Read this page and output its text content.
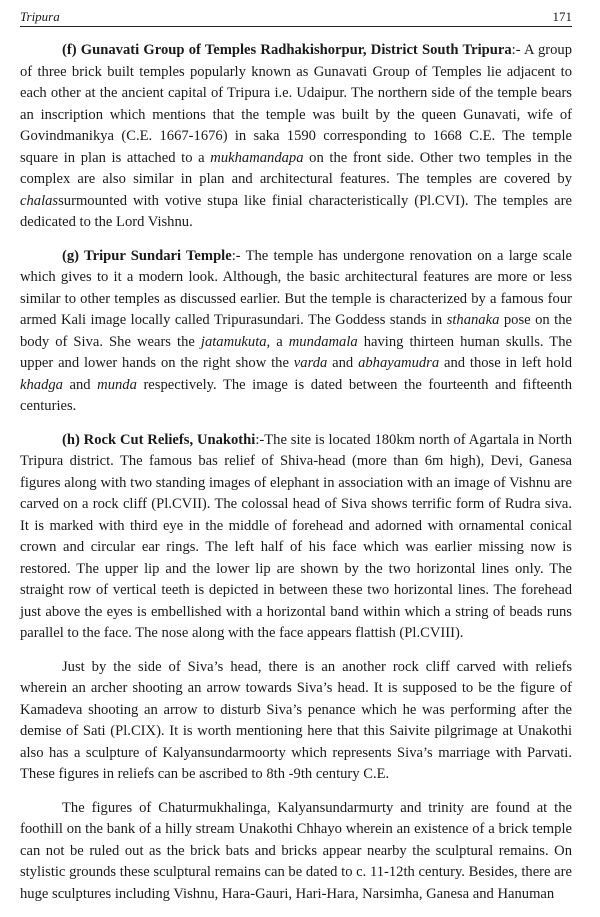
Tripura	171

(f) Gunavati Group of Temples Radhakishorpur, District South Tripura:- A group of three brick built temples popularly known as Gunavati Group of Temples lie adjacent to each other at the ancient capital of Tripura i.e. Udaipur. The northern side of the temple bears an inscription which mentions that the temple was built by the queen Gunavati, wife of Govindmanikya (C.E. 1667-1676) in saka 1590 corresponding to 1668 C.E. The temple square in plan is attached to a mukhamandapa on the front side. Other two temples in the complex are also similar in plan and architectural features. The temples are covered by chalassurmounted with votive stupa like finial characteristically (Pl.CVI). The temples are dedicated to the Lord Vishnu.

(g) Tripur Sundari Temple:- The temple has undergone renovation on a large scale which gives to it a modern look. Although, the basic architectural features are more or less similar to other temples as discussed earlier. But the temple is characterized by a famous four armed Kali image locally called Tripurasundari. The Goddess stands in sthanaka pose on the body of Siva. She wears the jatamukuta, a mundamala having thirteen human skulls. The upper and lower hands on the right show the varda and abhayamudra and those in left hold khadga and munda respectively. The image is dated between the fourteenth and fifteenth centuries.

(h) Rock Cut Reliefs, Unakothi:-The site is located 180km north of Agartala in North Tripura district. The famous bas relief of Shiva-head (more than 6m high), Devi, Ganesa figures along with two standing images of elephant in association with an image of Vishnu are carved on a rock cliff (Pl.CVII). The colossal head of Siva shows terrific form of Rudra siva. It is marked with third eye in the middle of forehead and adorned with ornamental conical crown and circular ear rings. The left half of his face which was earlier missing now is restored. The upper lip and the lower lip are shown by the two horizontal lines only. The straight row of vertical teeth is depicted in between these two horizontal lines. The forehead just above the eyes is embellished with a horizontal band within which a string of beads runs parallel to the face. The nose along with the face appears flattish (Pl.CVIII).

Just by the side of Siva’s head, there is an another rock cliff carved with reliefs wherein an archer shooting an arrow towards Siva’s head. It is supposed to be the figure of Kamadeva shooting an arrow to disturb Siva’s penance which he was performing after the demise of Sati (Pl.CIX). It is worth mentioning here that this Saivite pilgrimage at Unakothi also has a sculpture of Kalyansundarmoorty which represents Siva’s marriage with Parvati. These figures in reliefs can be ascribed to 8th -9th century C.E.

The figures of Chaturmukhalinga, Kalyansundarmurty and trinity are found at the foothill on the bank of a hilly stream Unakothi Chhayo wherein an existence of a brick temple can not be ruled out as the brick bats and bricks appear nearby the sculptural remains. On stylistic grounds these sculptural remains can be dated to c. 11-12th century. Besides, there are huge sculptures including Vishnu, Hara-Gauri, Hari-Hara, Narsimha, Ganesa and Hanuman
